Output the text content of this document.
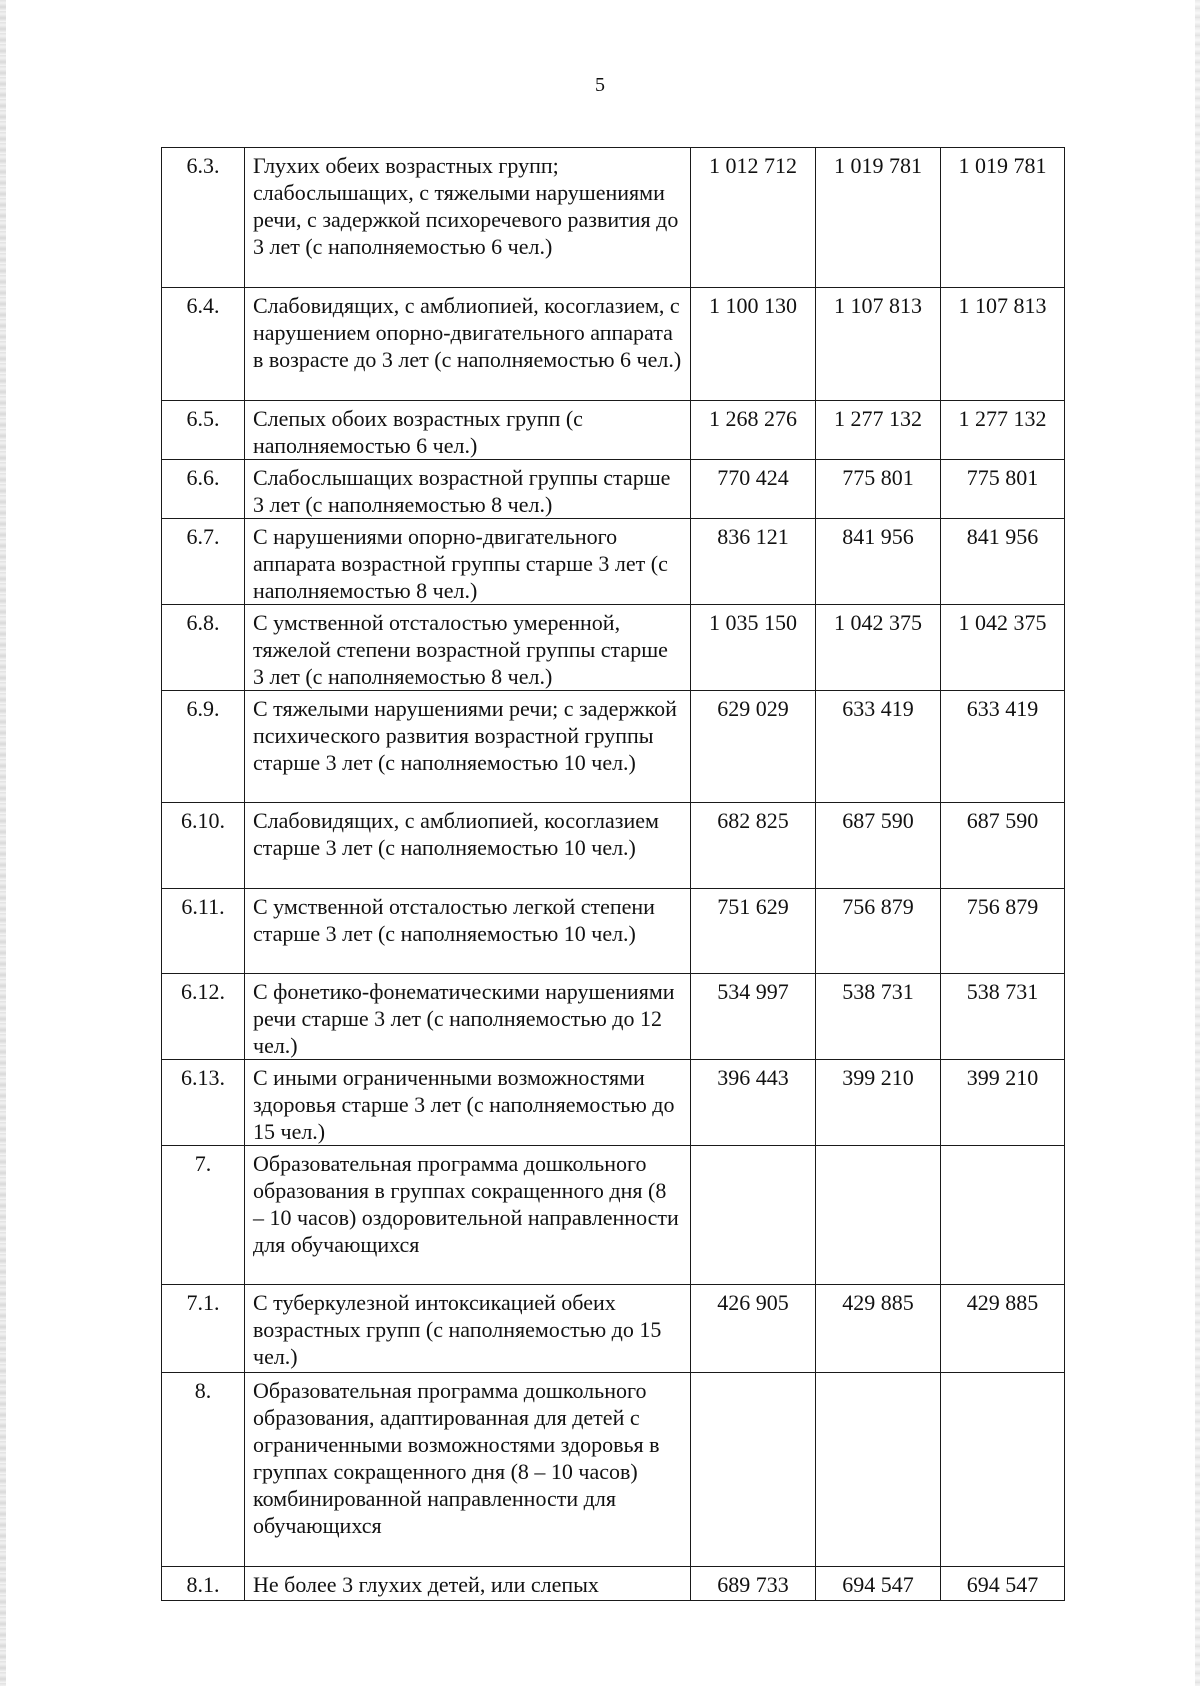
5
6.3.	Глухих обеих возрастных групп; слабослышащих, с тяжелыми нарушениями речи, с задержкой психоречевого развития до 3 лет (с наполняемостью 6 чел.)	1 012 712	1 019 781	1 019 781
6.4.	Слабовидящих, с амблиопией, косоглазием, с нарушением опорно-двигательного аппарата в возрасте до 3 лет (с наполняемостью 6 чел.)	1 100 130	1 107 813	1 107 813
6.5.	Слепых обоих возрастных групп (с наполняемостью 6 чел.)	1 268 276	1 277 132	1 277 132
6.6.	Слабослышащих возрастной группы старше 3 лет (с наполняемостью 8 чел.)	770 424	775 801	775 801
6.7.	С нарушениями опорно-двигательного аппарата возрастной группы старше 3 лет (с наполняемостью 8 чел.)	836 121	841 956	841 956
6.8.	С умственной отсталостью умеренной, тяжелой степени возрастной группы старше 3 лет (с наполняемостью 8 чел.)	1 035 150	1 042 375	1 042 375
6.9.	С тяжелыми нарушениями речи; с задержкой психического развития возрастной группы старше 3 лет (с наполняемостью 10 чел.)	629 029	633 419	633 419
6.10.	Слабовидящих, с амблиопией, косоглазием старше 3 лет (с наполняемостью 10 чел.)	682 825	687 590	687 590
6.11.	С умственной отсталостью легкой степени старше 3 лет (с наполняемостью 10 чел.)	751 629	756 879	756 879
6.12.	С фонетико-фонематическими нарушениями речи старше 3 лет (с наполняемостью до 12 чел.)	534 997	538 731	538 731
6.13.	С иными ограниченными возможностями здоровья старше 3 лет (с наполняемостью до 15 чел.)	396 443	399 210	399 210
7.	Образовательная программа дошкольного образования в группах сокращенного дня (8 – 10 часов) оздоровительной направленности для обучающихся			
7.1.	С туберкулезной интоксикацией обеих возрастных групп (с наполняемостью до 15 чел.)	426 905	429 885	429 885
8.	Образовательная программа дошкольного образования, адаптированная для детей с ограниченными возможностями здоровья в группах сокращенного дня (8 – 10 часов) комбинированной направленности для обучающихся			
8.1.	Не более 3 глухих детей, или слепых	689 733	694 547	694 547
